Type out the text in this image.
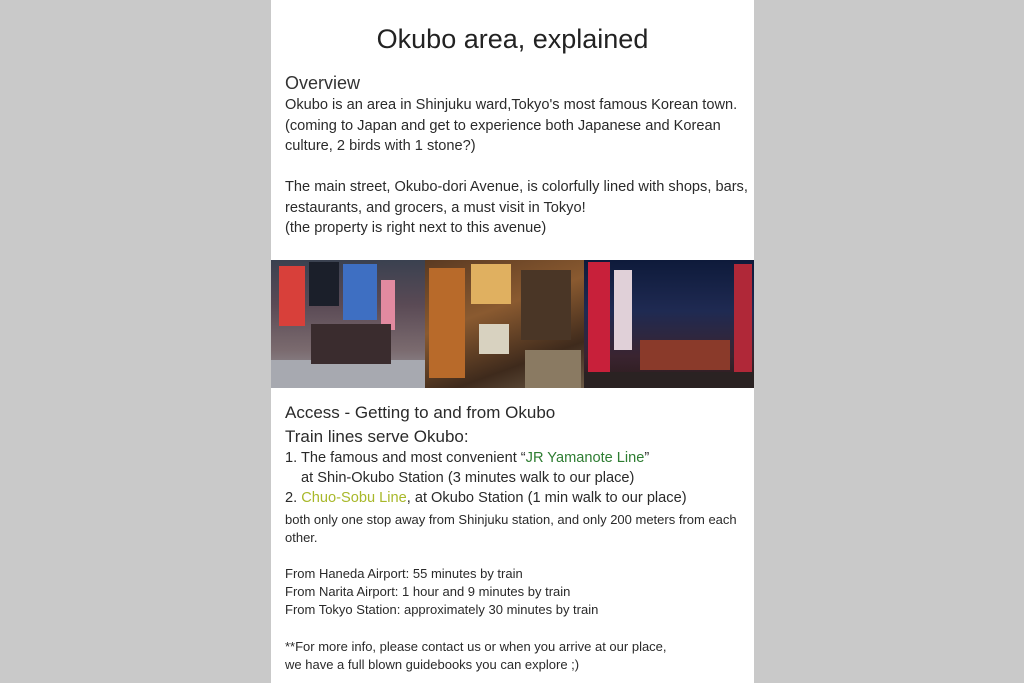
Okubo area, explained
Overview
Okubo is an area in Shinjuku ward,Tokyo's most famous Korean town. (coming to Japan and get to experience both Japanese and Korean culture, 2 birds with 1 stone?)
The main street, Okubo-dori Avenue, is colorfully lined with shops, bars, restaurants, and grocers, a must visit in Tokyo!
(the property is right next to this avenue)
Access - Getting to and from Okubo
Train lines serve Okubo:
1. The famous and most convenient “JR Yamanote Line”
at Shin-Okubo Station (3 minutes walk to our place)
2. Chuo-Sobu Line, at Okubo Station (1 min walk to our place)
both only one stop away from Shinjuku station, and only 200 meters from each other.
From Haneda Airport: 55 minutes by train
From Narita Airport: 1 hour and 9 minutes by train
From Tokyo Station: approximately 30 minutes by train
**For more info, please contact us or when you arrive at our place,
we have a full blown guidebooks you can explore ;)
